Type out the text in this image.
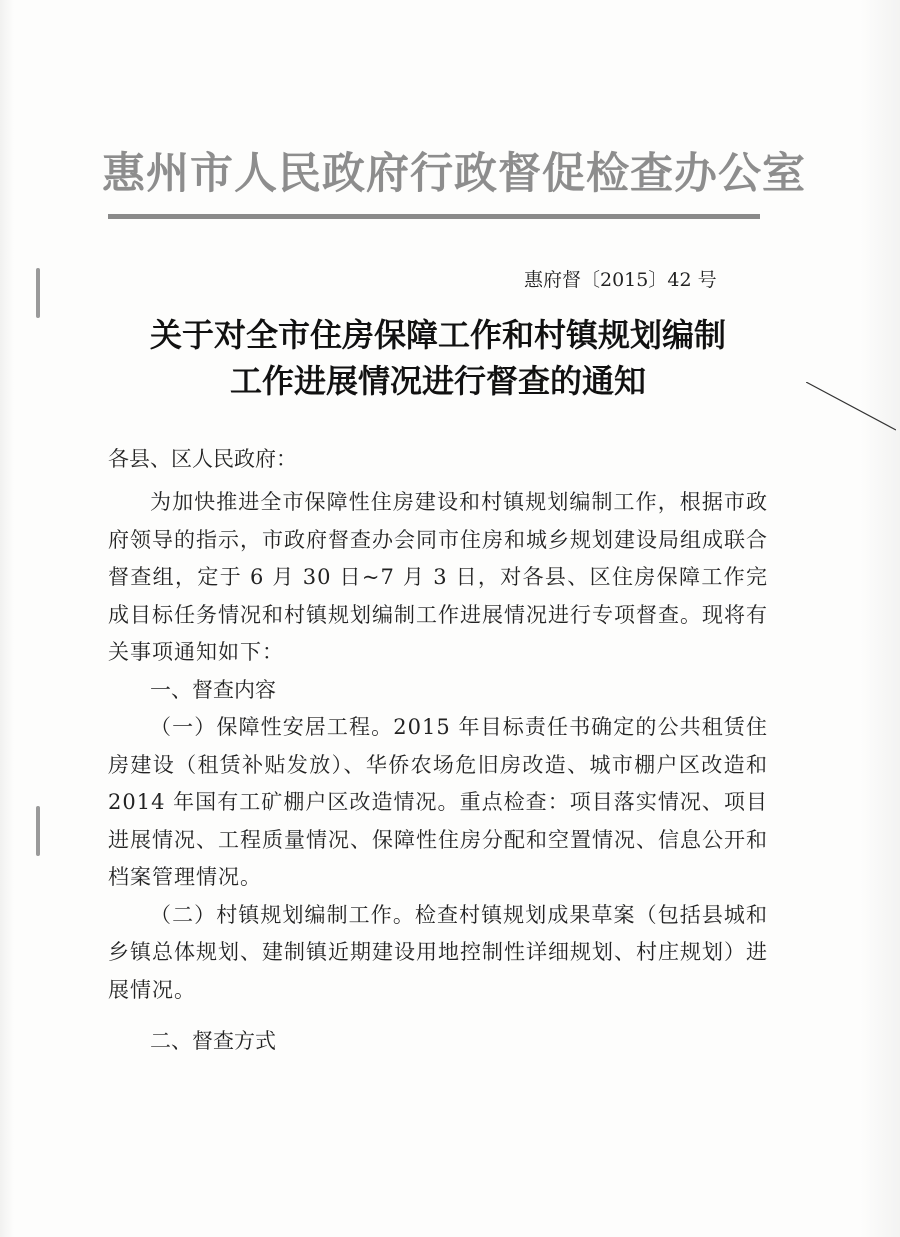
惠州市人民政府行政督促检查办公室
惠府督〔2015〕42 号
关于对全市住房保障工作和村镇规划编制
工作进展情况进行督查的通知

各县、区人民政府：

为加快推进全市保障性住房建设和村镇规划编制工作，根据市政府领导的指示，市政府督查办会同市住房和城乡规划建设局组成联合督查组，定于 6 月 30 日~7 月 3 日，对各县、区住房保障工作完成目标任务情况和村镇规划编制工作进展情况进行专项督查。现将有关事项通知如下：

一、督查内容

（一）保障性安居工程。2015 年目标责任书确定的公共租赁住房建设（租赁补贴发放）、华侨农场危旧房改造、城市棚户区改造和 2014 年国有工矿棚户区改造情况。重点检查：项目落实情况、项目进展情况、工程质量情况、保障性住房分配和空置情况、信息公开和档案管理情况。

（二）村镇规划编制工作。检查村镇规划成果草案（包括县城和乡镇总体规划、建制镇近期建设用地控制性详细规划、村庄规划）进展情况。

二、督查方式
